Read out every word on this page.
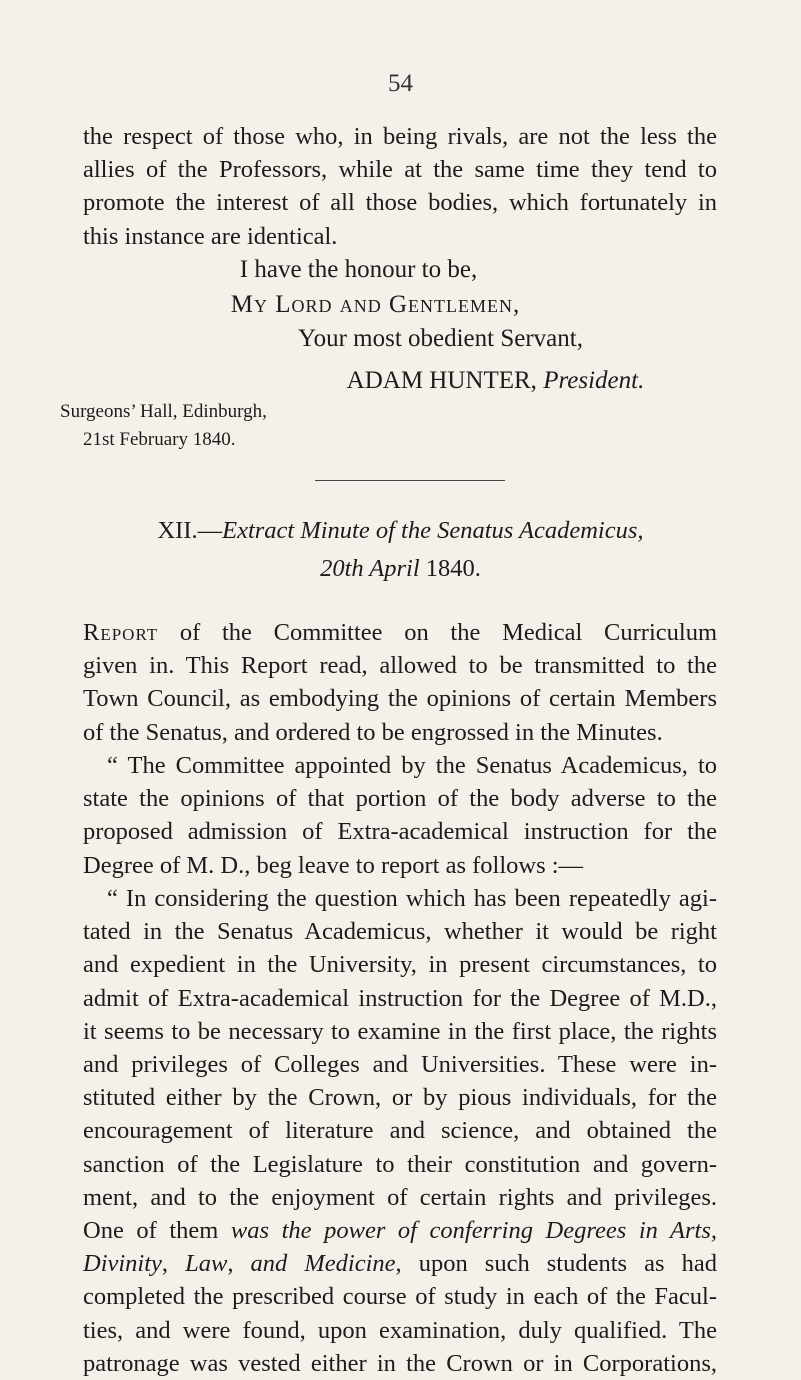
54
the respect of those who, in being rivals, are not the less the
allies of the Professors, while at the same time they tend to
promote the interest of all those bodies, which fortunately in
this instance are identical.
I have the honour to be,
My Lord and Gentlemen,
Your most obedient Servant,
ADAM HUNTER, President.
Surgeons’ Hall, Edinburgh,
21st February 1840.
XII.—Extract Minute of the Senatus Academicus,
20th April 1840.
Report of the Committee on the Medical Curriculum
given in. This Report read, allowed to be transmitted to the
Town Council, as embodying the opinions of certain Members
of the Senatus, and ordered to be engrossed in the Minutes.
“ The Committee appointed by the Senatus Academicus, to
state the opinions of that portion of the body adverse to the
proposed admission of Extra-academical instruction for the
Degree of M. D., beg leave to report as follows :—
“ In considering the question which has been repeatedly agi-
tated in the Senatus Academicus, whether it would be right
and expedient in the University, in present circumstances, to
admit of Extra-academical instruction for the Degree of M.D.,
it seems to be necessary to examine in the first place, the rights
and privileges of Colleges and Universities. These were in-
stituted either by the Crown, or by pious individuals, for the
encouragement of literature and science, and obtained the
sanction of the Legislature to their constitution and govern-
ment, and to the enjoyment of certain rights and privileges.
One of them was the power of conferring Degrees in Arts,
Divinity, Law, and Medicine, upon such students as had
completed the prescribed course of study in each of the Facul-
ties, and were found, upon examination, duly qualified. The
patronage was vested either in the Crown or in Corporations,
